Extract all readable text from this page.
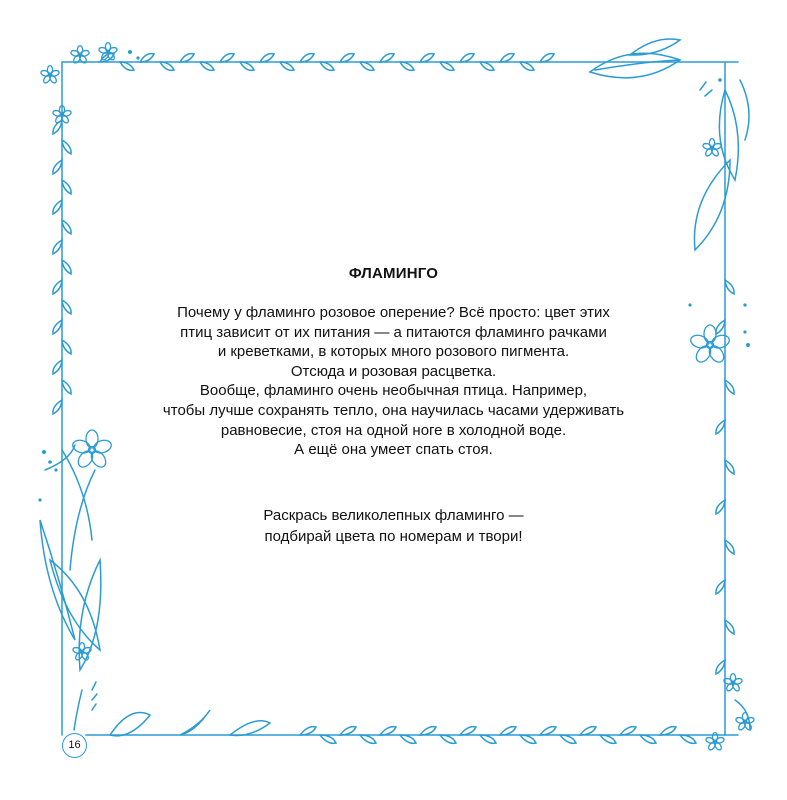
ФЛАМИНГО

Почему у фламинго розовое оперение? Всё просто: цвет этих

птиц зависит от их питания — а питаются фламинго рачками

и креветками, в которых много розового пигмента.

Отсюда и розовая расцветка.

Вообще, фламинго очень необычная птица. Например,

чтобы лучше сохранять тепло, она научилась часами удерживать

равновесие, стоя на одной ноге в холодной воде.

А ещё она умеет спать стоя.

Раскрась великолепных фламинго —

подбирай цвета по номерам и твори!

16
